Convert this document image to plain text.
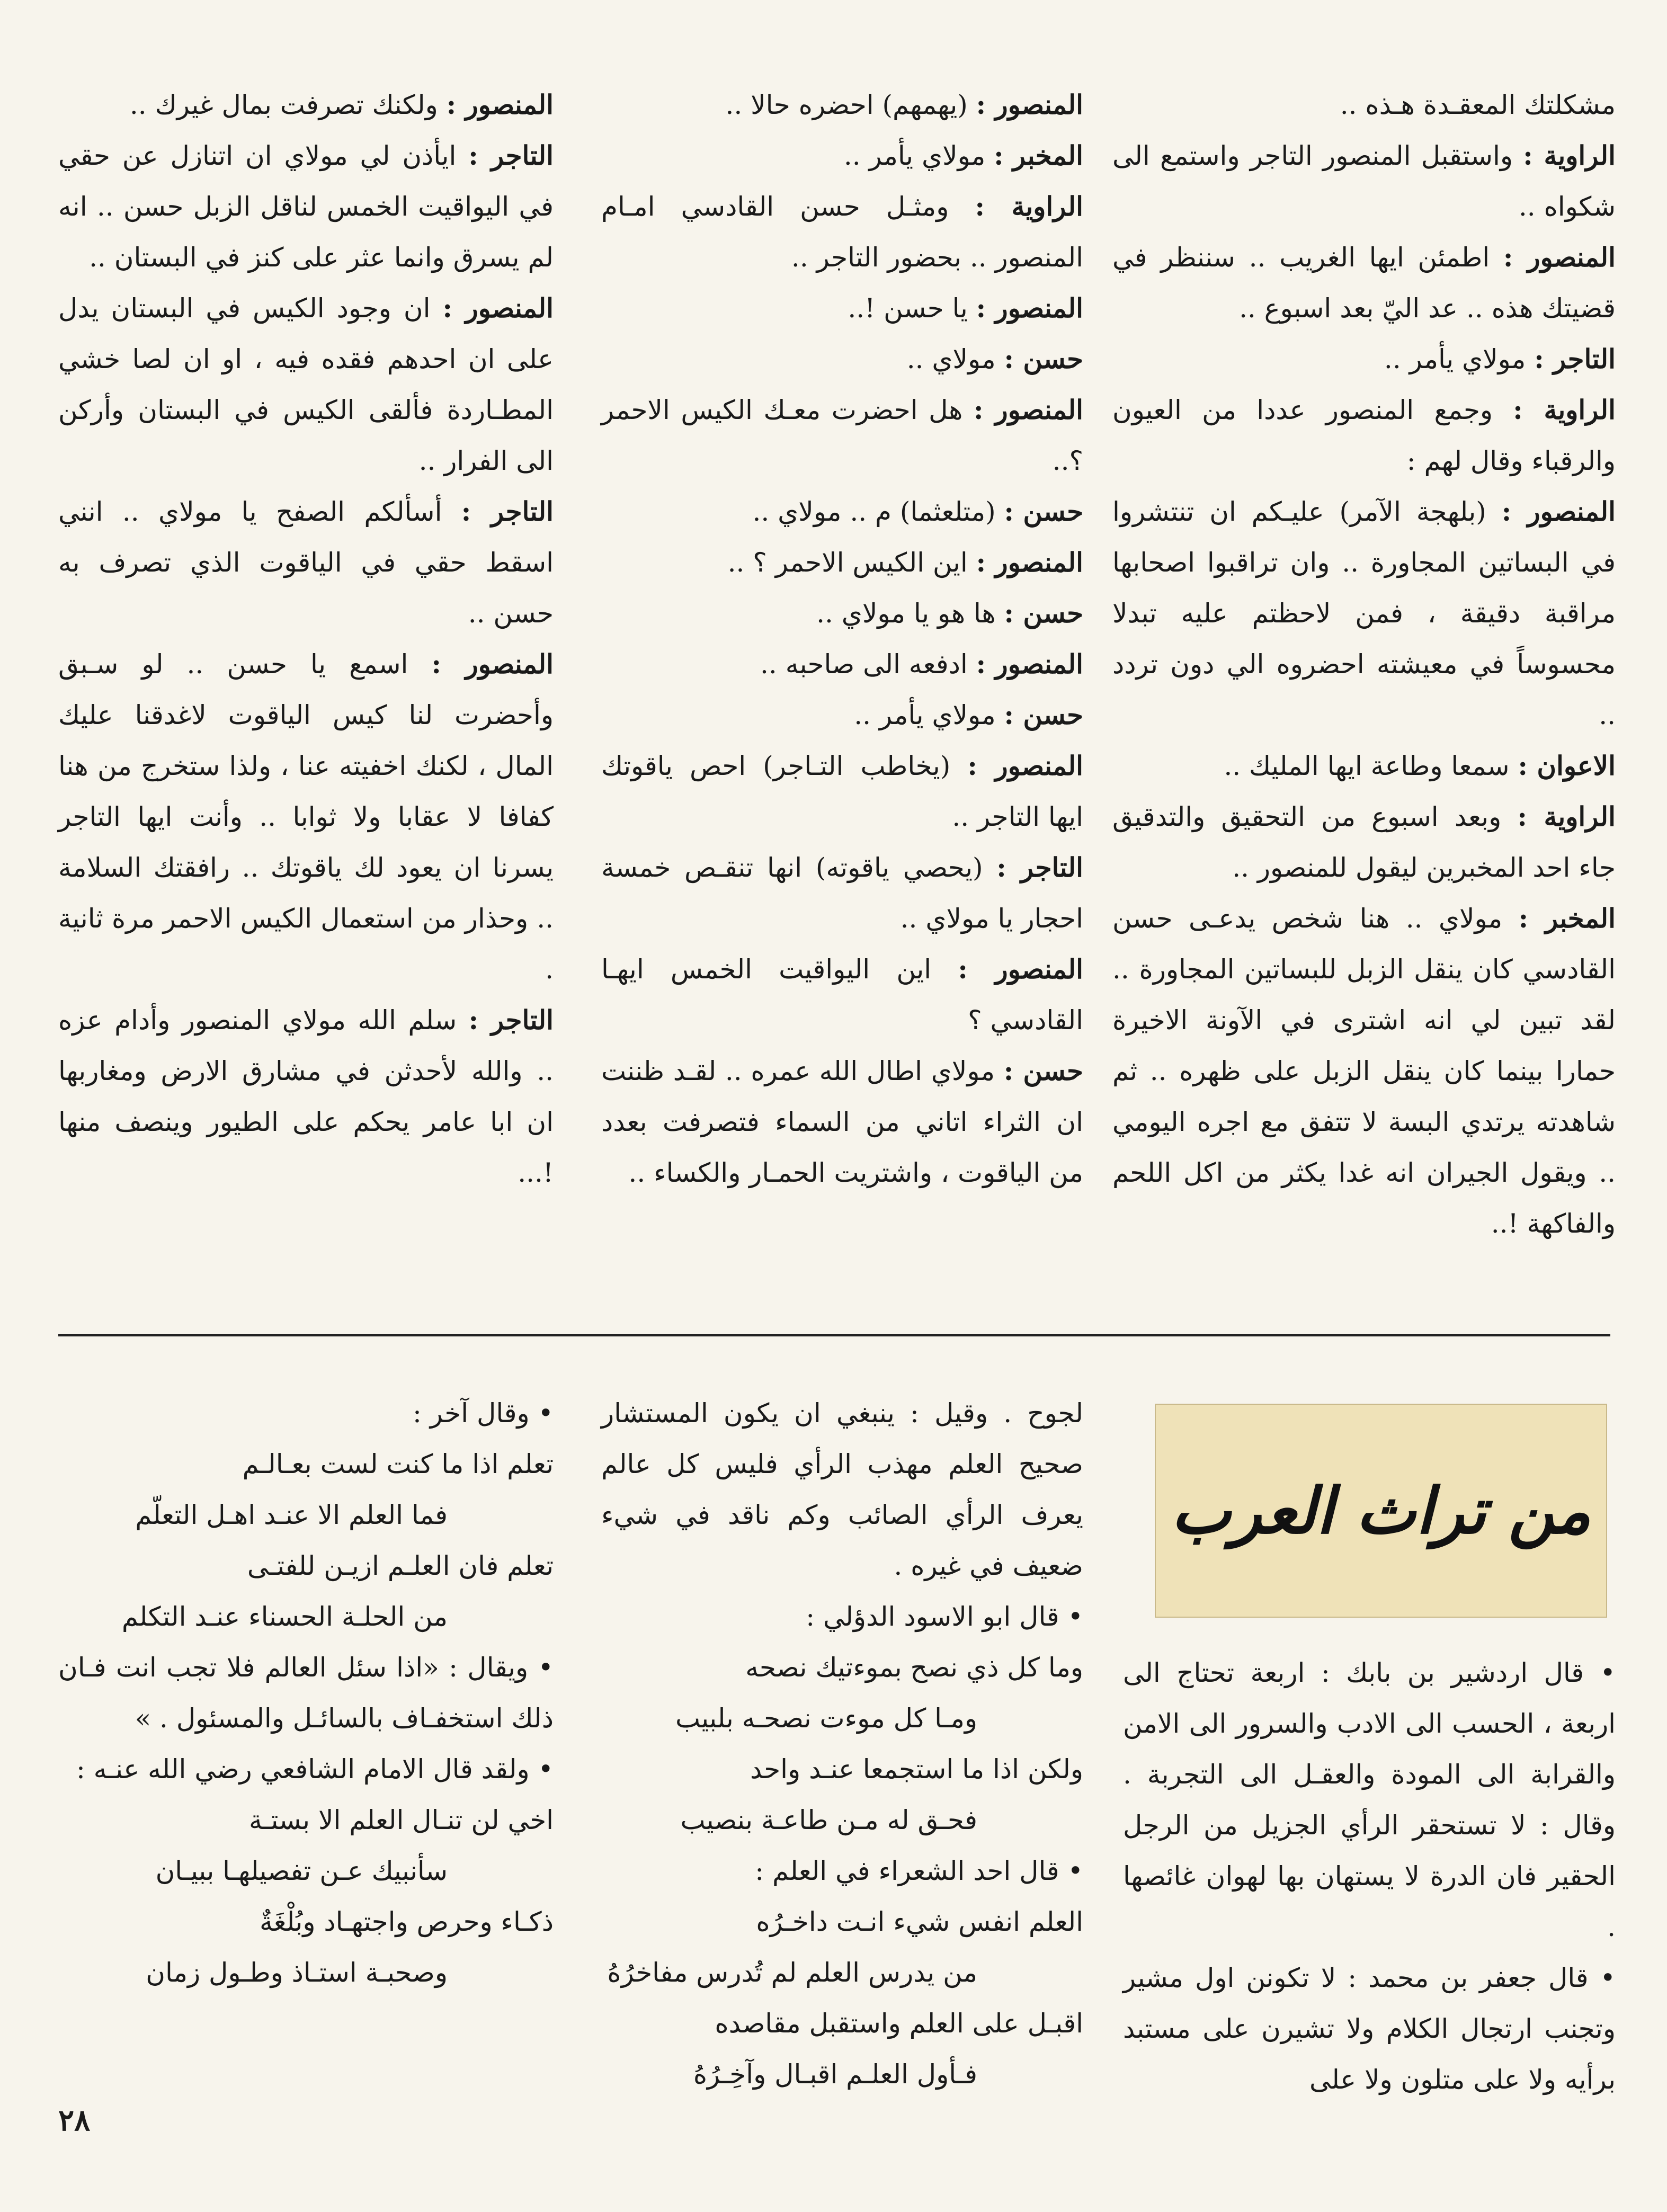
مشكلتك المعقـدة هـذه ..

الراوية : واستقبل المنصور التاجر واستمع الى شكواه ..

المنصور : اطمئن ايها الغريب .. سننظر في قضيتك هذه .. عد اليّ بعد اسبوع ..

التاجر : مولاي يأمر ..

الراوية : وجمع المنصور عددا من العيون والرقباء وقال لهم :

المنصور : (بلهجة الآمر) عليـكم ان تنتشروا في البساتين المجاورة .. وان تراقبوا اصحابها مراقبة دقيقة ، فمن لاحظتم عليه تبدلا محسوساً في معيشته احضروه الي دون تردد ..

الاعوان : سمعا وطاعة ايها المليك ..

الراوية : وبعد اسبوع من التحقيق والتدقيق جاء احد المخبرين ليقول للمنصور ..

المخبر : مولاي .. هنا شخص يدعـى حسن القادسي كان ينقل الزبل للبساتين المجاورة .. لقد تبين لي انه اشترى في الآونة الاخيرة حمارا بينما كان ينقل الزبل على ظهره .. ثم شاهدته يرتدي البسة لا تتفق مع اجره اليومي .. ويقول الجيران انه غدا يكثر من اكل اللحم والفاكهة !..

المنصور : (يهمهم) احضره حالا ..

المخبر : مولاي يأمر ..

الراوية : ومثـل حسن القادسي امـام المنصور .. بحضور التاجر ..

المنصور : يا حسن !..

حسن : مولاي ..

المنصور : هل احضرت معـك الكيس الاحمر ؟..

حسن : (متلعثما) م .. مولاي ..

المنصور : اين الكيس الاحمر ؟ ..

حسن : ها هو يا مولاي ..

المنصور : ادفعه الى صاحبه ..

حسن : مولاي يأمر ..

المنصور : (يخاطب التـاجر) احص ياقوتك ايها التاجر ..

التاجر : (يحصي ياقوته) انها تنقـص خمسة احجار يا مولاي ..

المنصور : اين اليواقيت الخمس ايهـا القادسي ؟

حسن : مولاي اطال الله عمره .. لقـد ظننت ان الثراء اتاني من السماء فتصرفت بعدد من الياقوت ، واشتريت الحمـار والكساء ..

المنصور : ولكنك تصرفت بمال غيرك ..

التاجر : ايأذن لي مولاي ان اتنازل عن حقي في اليواقيت الخمس لناقل الزبل حسن .. انه لم يسرق وانما عثر على كنز في البستان ..

المنصور : ان وجود الكيس في البستان يدل على ان احدهم فقده فيه ، او ان لصا خشي المطـاردة فألقى الكيس في البستان وأركن الى الفرار ..

التاجر : أسألكم الصفح يا مولاي .. انني اسقط حقي في الياقوت الذي تصرف به حسن ..

المنصور : اسمع يا حسن .. لو سـبق وأحضرت لنا كيس الياقوت لاغدقنا عليك المال ، لكنك اخفيته عنا ، ولذا ستخرج من هنا كفافا لا عقابا ولا ثوابا .. وأنت ايها التاجر يسرنا ان يعود لك ياقوتك .. رافقتك السلامة .. وحذار من استعمال الكيس الاحمر مرة ثانية .

التاجر : سلم الله مولاي المنصور وأدام عزه .. والله لأحدثن في مشارق الارض ومغاربها ان ابا عامر يحكم على الطيور وينصف منها !...

من تراث العرب

• قال اردشير بن بابك : اربعة تحتاج الى اربعة ، الحسب الى الادب والسرور الى الامن والقرابة الى المودة والعقـل الى التجربة . وقال : لا تستحقر الرأي الجزيل من الرجل الحقير فان الدرة لا يستهان بها لهوان غائصها .

• قال جعفر بن محمد : لا تكونن اول مشير وتجنب ارتجال الكلام ولا تشيرن على مستبد برأيه ولا على متلون ولا على

لجوح . وقيل : ينبغي ان يكون المستشار صحيح العلم مهذب الرأي فليس كل عالم يعرف الرأي الصائب وكم ناقد في شيء ضعيف في غيره .

• قال ابو الاسود الدؤلي :

وما كل ذي نصح بموءتيك نصحه

ومـا كل موءت نصحـه بلبيب

ولكن اذا ما استجمعا عنـد واحد

فحـق له مـن طاعـة بنصيب

• قال احد الشعراء في العلم :

العلم انفس شيء انـت داخـرُه

من يدرس العلم لم تُدرس مفاخرُهُ

اقبـل على العلم واستقبل مقاصده

فـأول العلـم اقبـال وآخِـرُهُ

• وقال آخر :

تعلم اذا ما كنت لست بعـالـم

فما العلم الا عنـد اهـل التعلّم

تعلم فان العلـم ازيـن للفتـى

من الحلـة الحسناء عنـد التكلم

• ويقال : «اذا سئل العالم فلا تجب انت فـان ذلك استخفـاف بالسائـل والمسئول . »

• ولقد قال الامام الشافعي رضي الله عنـه :

اخي لن تنـال العلم الا بستـة

سأنبيك عـن تفصيلهـا ببيـان

ذكـاء وحرص واجتهـاد وبُلْغَةٌ

وصحبـة استـاذ وطـول زمان

٢٨
